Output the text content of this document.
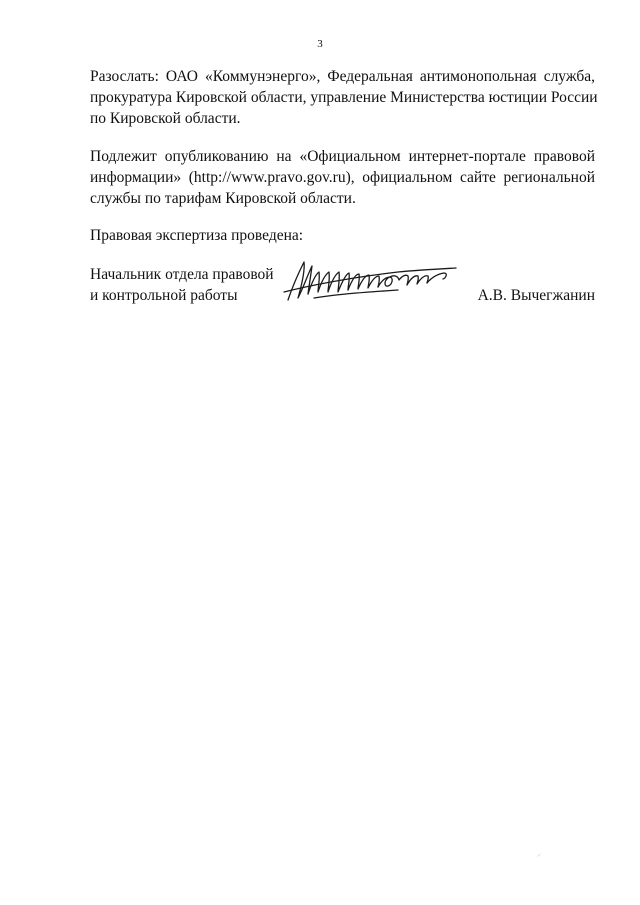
3

Разослать: ОАО «Коммунэнерго», Федеральная антимонопольная служба,
прокуратура Кировской области, управление Министерства юстиции России
по Кировской области.

Подлежит опубликованию на «Официальном интернет-портале правовой
информации» (http://www.pravo.gov.ru), официальном сайте региональной
службы по тарифам Кировской области.

Правовая экспертиза проведена:

Начальник отдела правовой
и контрольной работы	А.В. Вычегжанин
⸝
